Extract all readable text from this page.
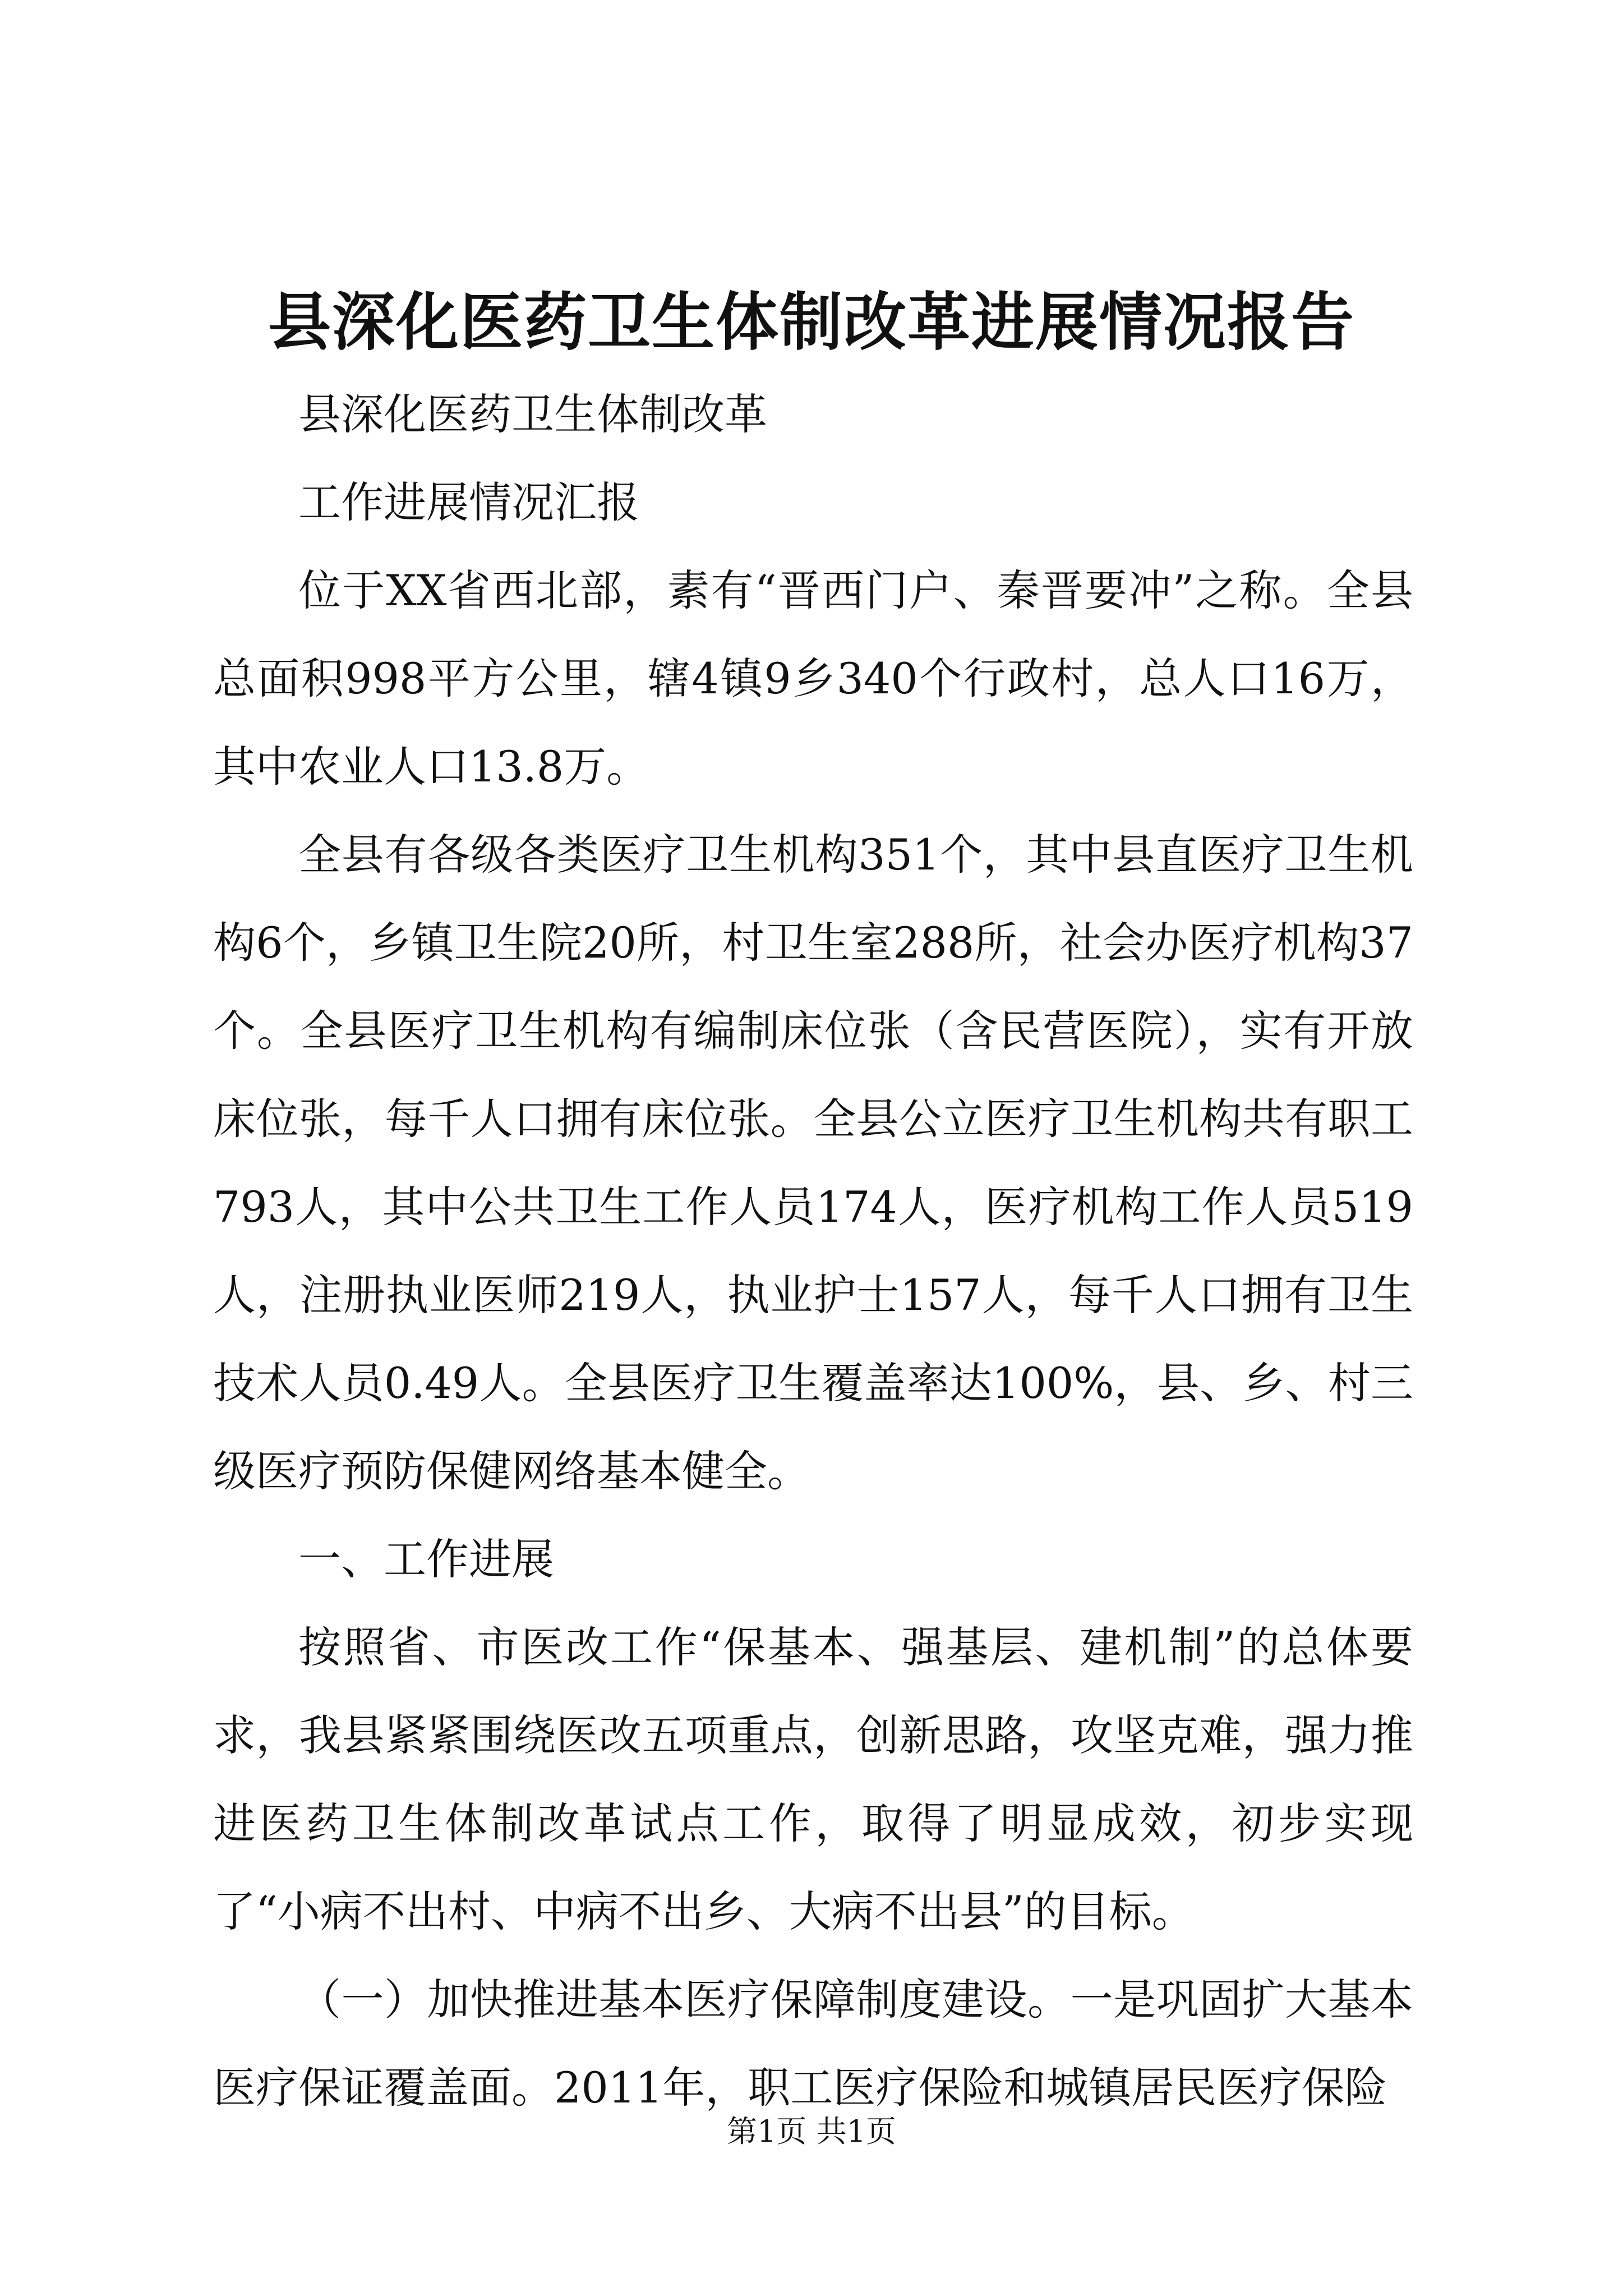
县深化医药卫生体制改革进展情况报告

县深化医药卫生体制改革

工作进展情况汇报

位于XX省西北部，素有“晋西门户、秦晋要冲”之称。全县总面积998平方公里，辖4镇9乡340个行政村，总人口16万，其中农业人口13.8万。

全县有各级各类医疗卫生机构351个，其中县直医疗卫生机构6个，乡镇卫生院20所，村卫生室288所，社会办医疗机构37个。全县医疗卫生机构有编制床位张（含民营医院），实有开放床位张，每千人口拥有床位张。全县公立医疗卫生机构共有职工793人，其中公共卫生工作人员174人，医疗机构工作人员519人，注册执业医师219人，执业护士157人，每千人口拥有卫生技术人员0.49人。全县医疗卫生覆盖率达100%，县、乡、村三级医疗预防保健网络基本健全。

一、工作进展

按照省、市医改工作“保基本、强基层、建机制”的总体要求，我县紧紧围绕医改五项重点，创新思路，攻坚克难，强力推进医药卫生体制改革试点工作，取得了明显成效，初步实现了“小病不出村、中病不出乡、大病不出县”的目标。

（一）加快推进基本医疗保障制度建设。一是巩固扩大基本医疗保证覆盖面。2011年，职工医疗保险和城镇居民医疗保险

第1页 共1页
